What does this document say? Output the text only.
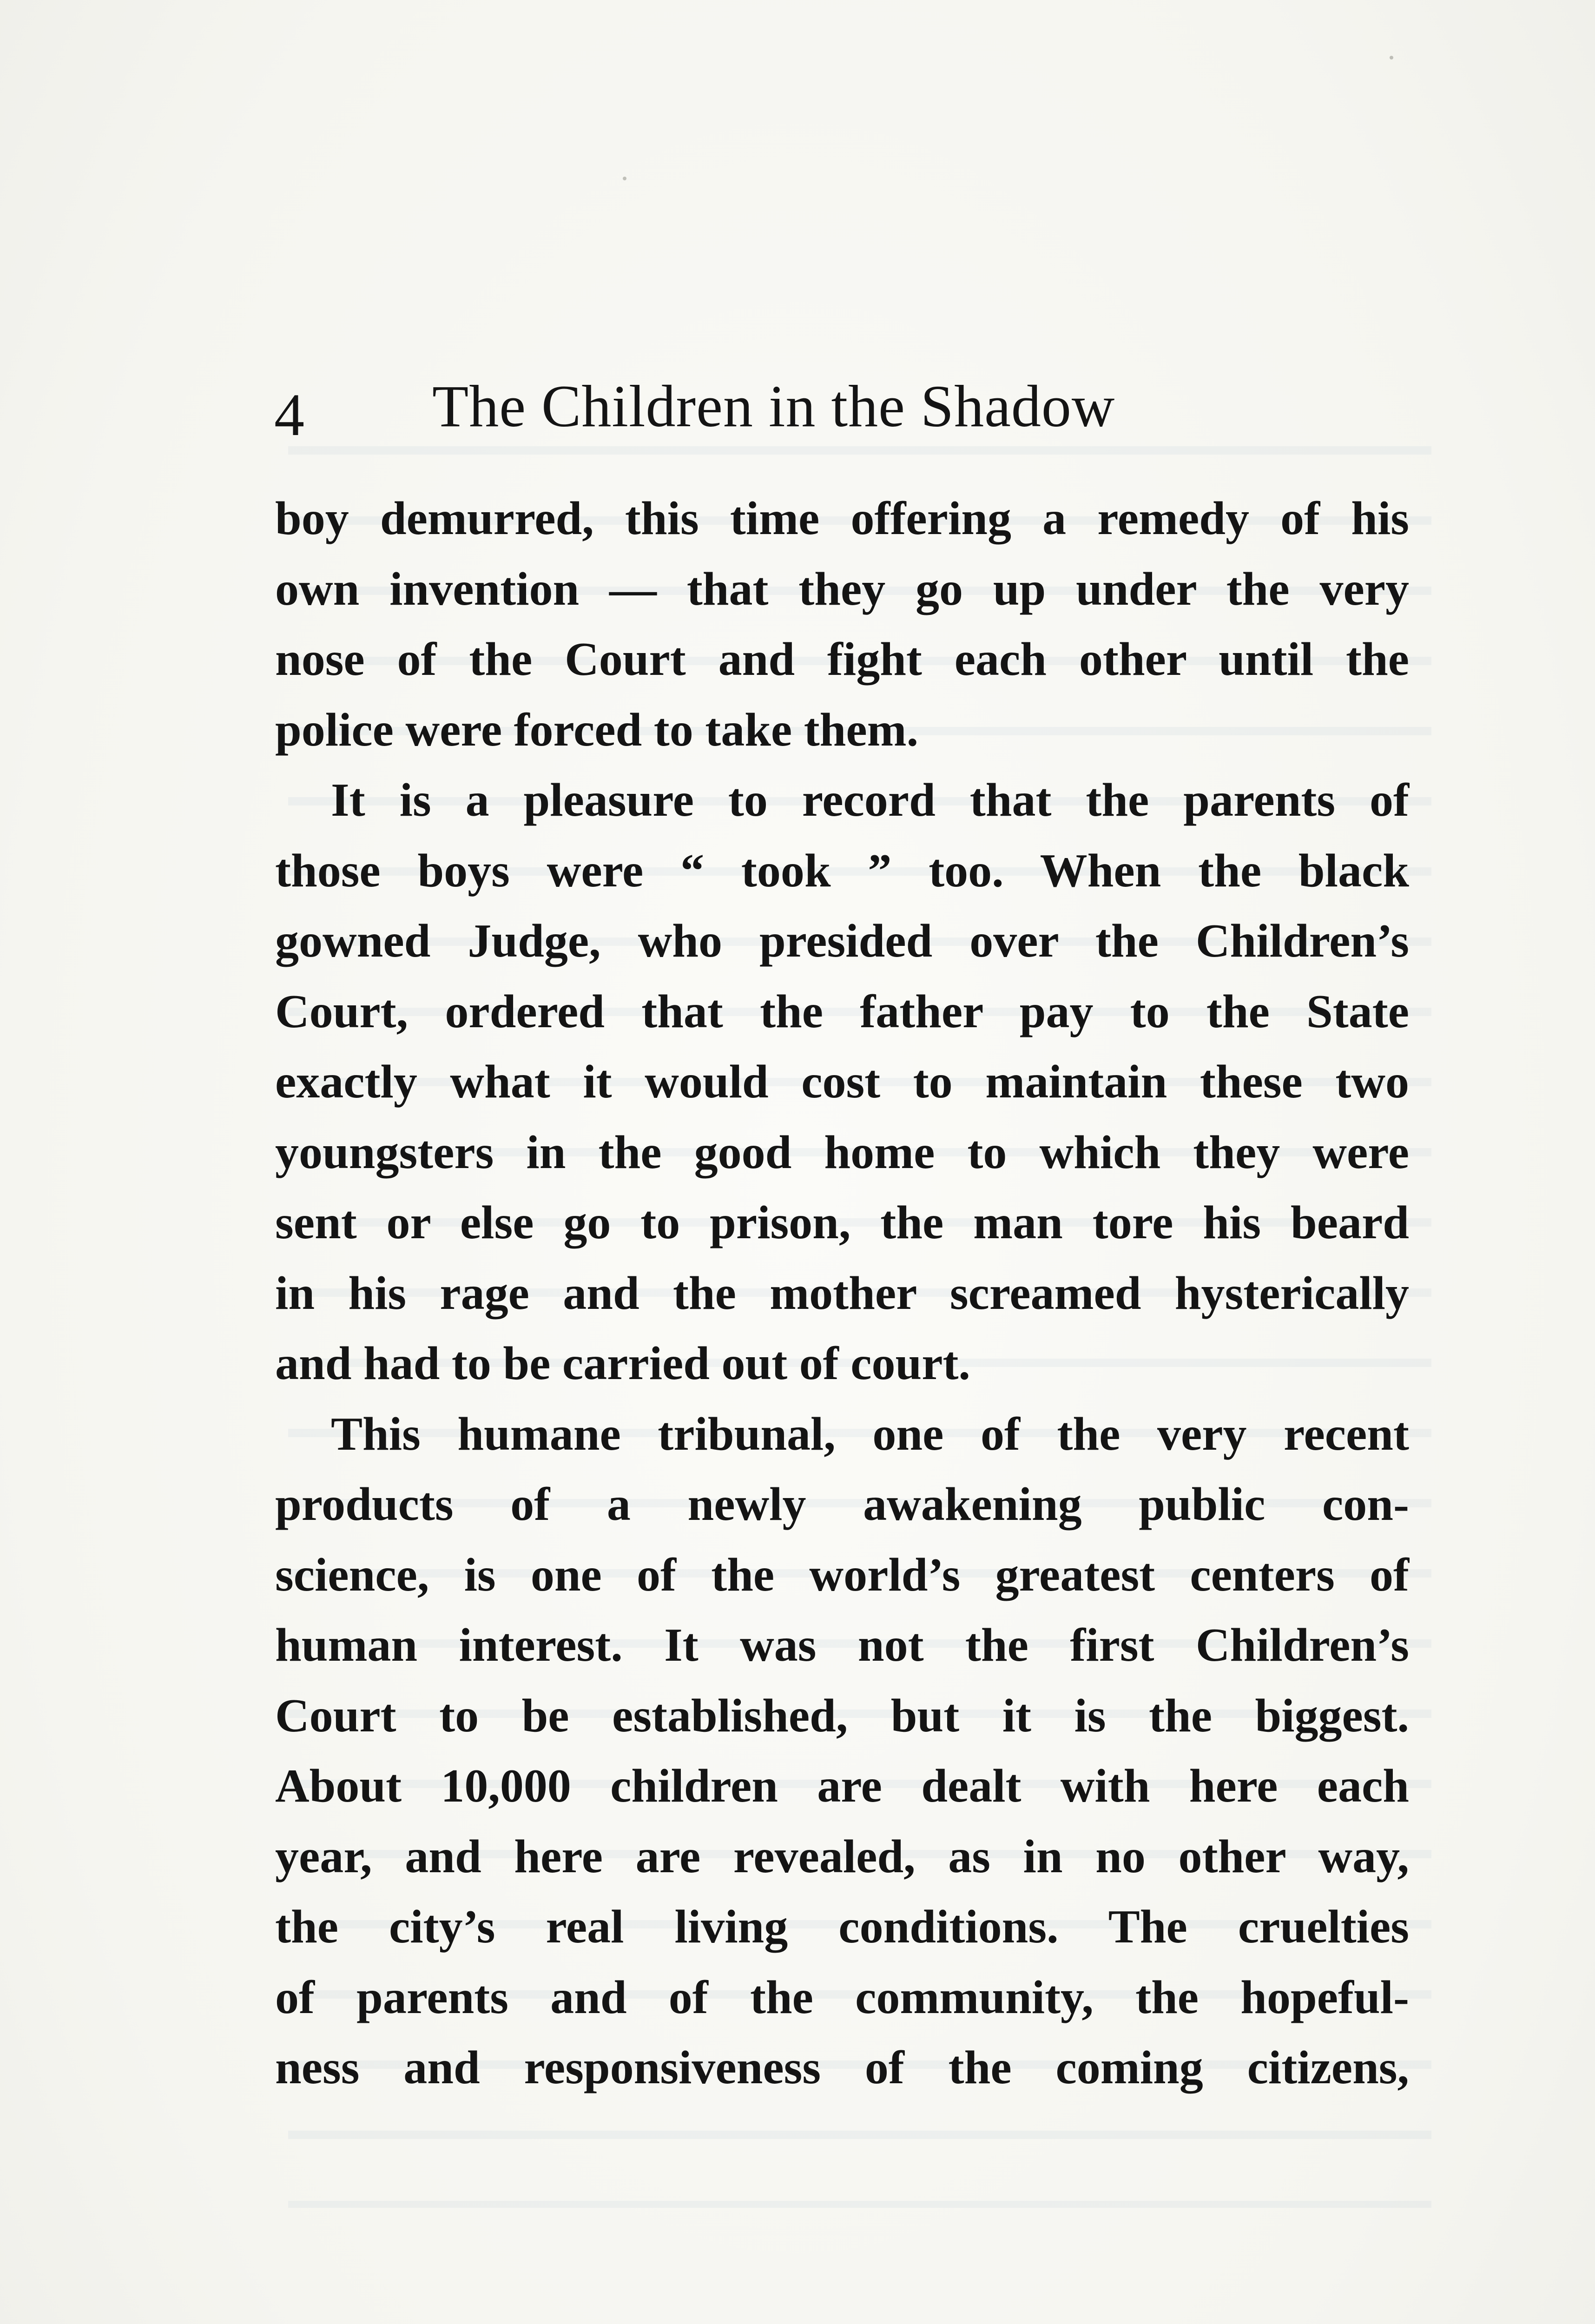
4 The Children in the Shadow
boy demurred, this time offering a remedy of his
own invention — that they go up under the very
nose of the Court and fight each other until the
police were forced to take them.
It is a pleasure to record that the parents of
those boys were “ took ” too. When the black
gowned Judge, who presided over the Children’s
Court, ordered that the father pay to the State
exactly what it would cost to maintain these two
youngsters in the good home to which they were
sent or else go to prison, the man tore his beard
in his rage and the mother screamed hysterically
and had to be carried out of court.
This humane tribunal, one of the very recent
products of a newly awakening public con-
science, is one of the world’s greatest centers of
human interest. It was not the first Children’s
Court to be established, but it is the biggest.
About 10,000 children are dealt with here each
year, and here are revealed, as in no other way,
the city’s real living conditions. The cruelties
of parents and of the community, the hopeful-
ness and responsiveness of the coming citizens,
